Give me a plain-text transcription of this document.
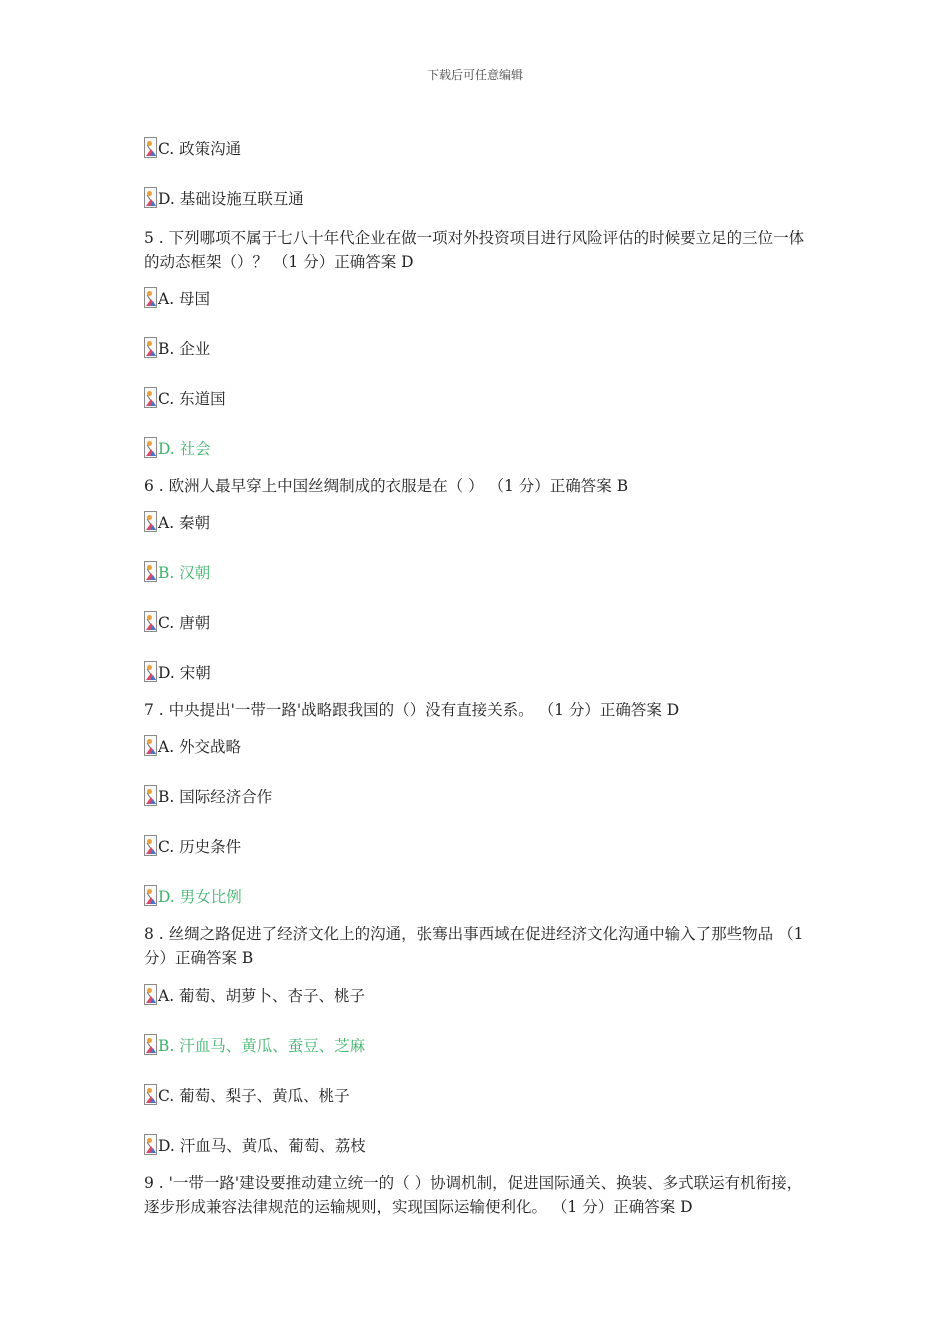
下载后可任意编辑
C. 政策沟通
D. 基础设施互联互通
5 . 下列哪项不属于七八十年代企业在做一项对外投资项目进行风险评估的时候要立足的三位一体的动态框架（）？ （1 分）正确答案 D
A. 母国
B. 企业
C. 东道国
D. 社会
6 . 欧洲人最早穿上中国丝绸制成的衣服是在（ ） （1 分）正确答案 B
A. 秦朝
B. 汉朝
C. 唐朝
D. 宋朝
7 . 中央提出'一带一路'战略跟我国的（）没有直接关系。 （1 分）正确答案 D
A. 外交战略
B. 国际经济合作
C. 历史条件
D. 男女比例
8 . 丝绸之路促进了经济文化上的沟通，张骞出事西域在促进经济文化沟通中输入了那些物品 （1 分）正确答案 B
A. 葡萄、胡萝卜、杏子、桃子
B. 汗血马、黄瓜、蚕豆、芝麻
C. 葡萄、梨子、黄瓜、桃子
D. 汗血马、黄瓜、葡萄、荔枝
9 . '一带一路'建设要推动建立统一的（ ）协调机制，促进国际通关、换装、多式联运有机衔接，逐步形成兼容法律规范的运输规则，实现国际运输便利化。 （1 分）正确答案 D
